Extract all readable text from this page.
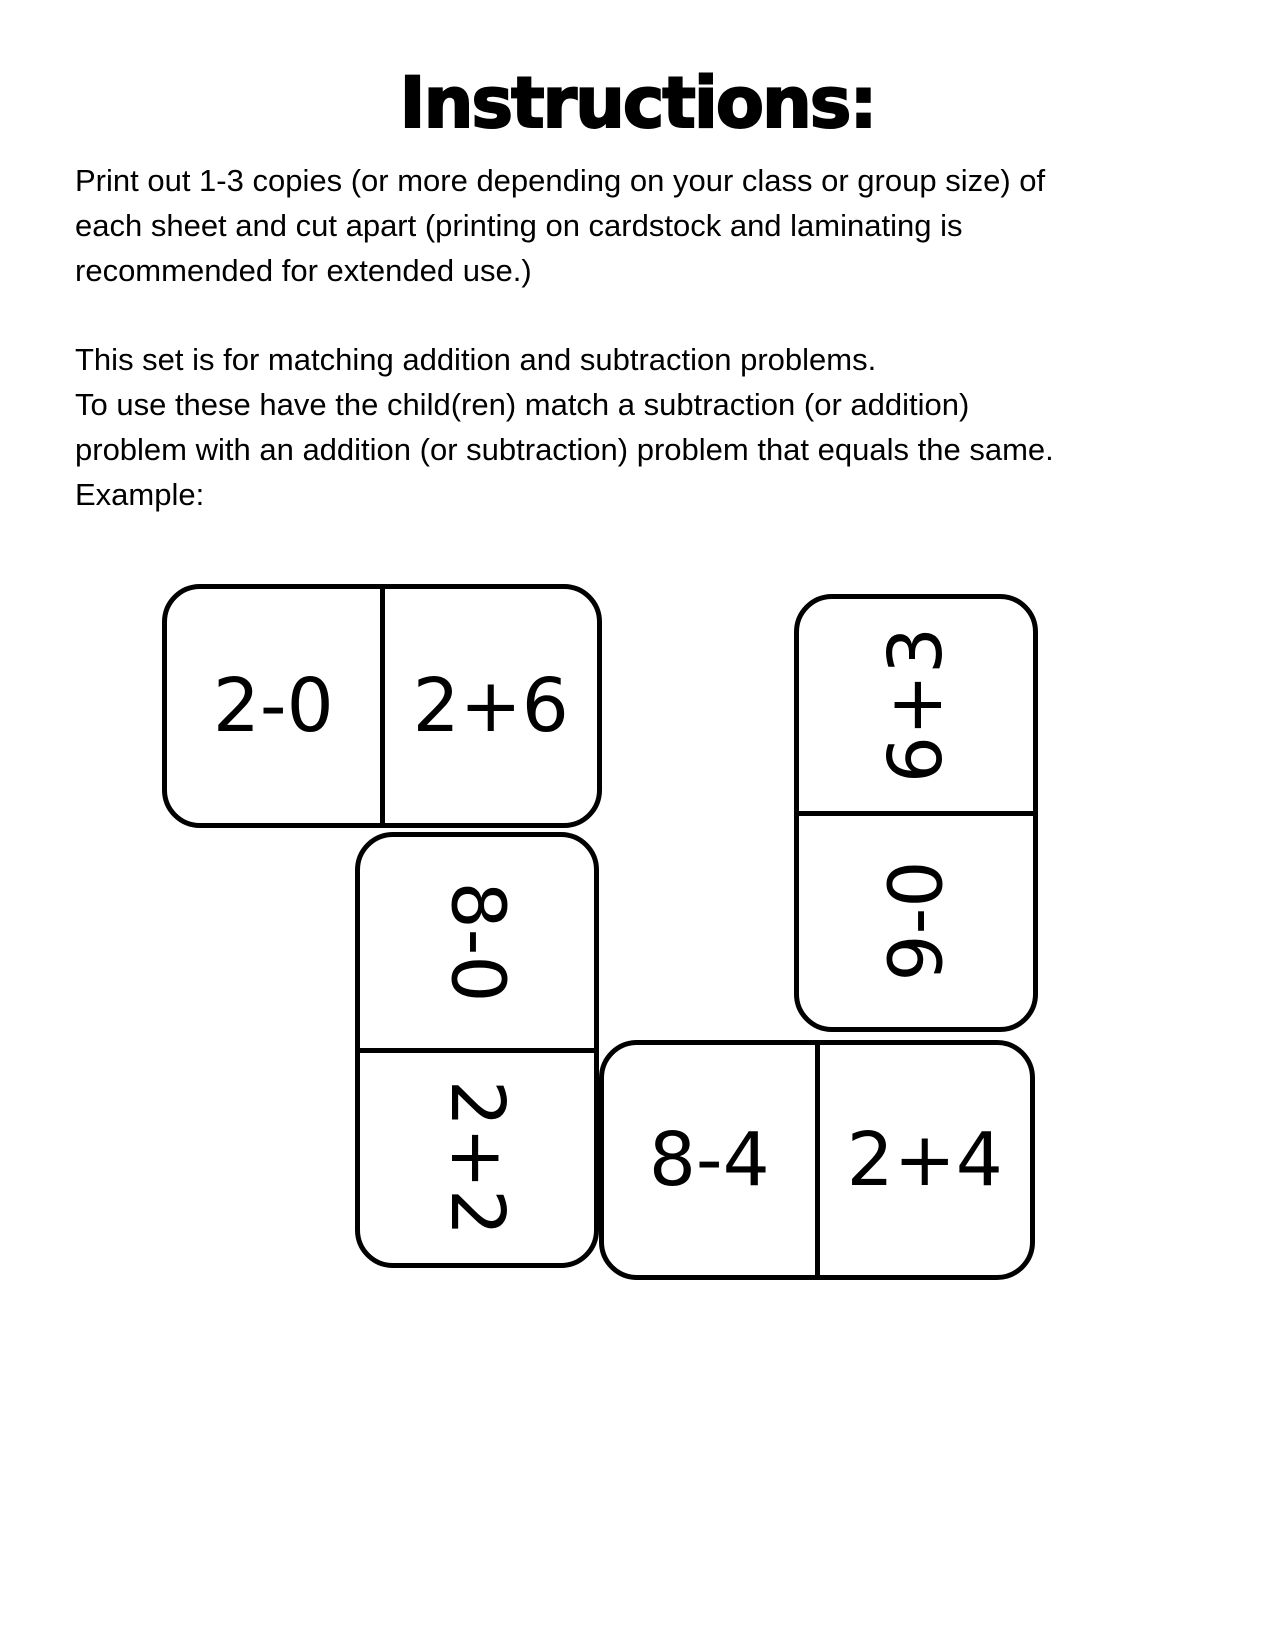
Instructions:
Print out 1-3 copies (or more depending on your class or group size) of
each sheet and cut apart (printing on cardstock and laminating is
recommended for extended use.)
This set is for matching addition and subtraction problems.
To use these have the child(ren) match a subtraction (or addition)
problem with an addition (or subtraction) problem that equals the same.
Example:
2-0 2+6	6+3
9-0
8-0
2+2 8-4 2+4
